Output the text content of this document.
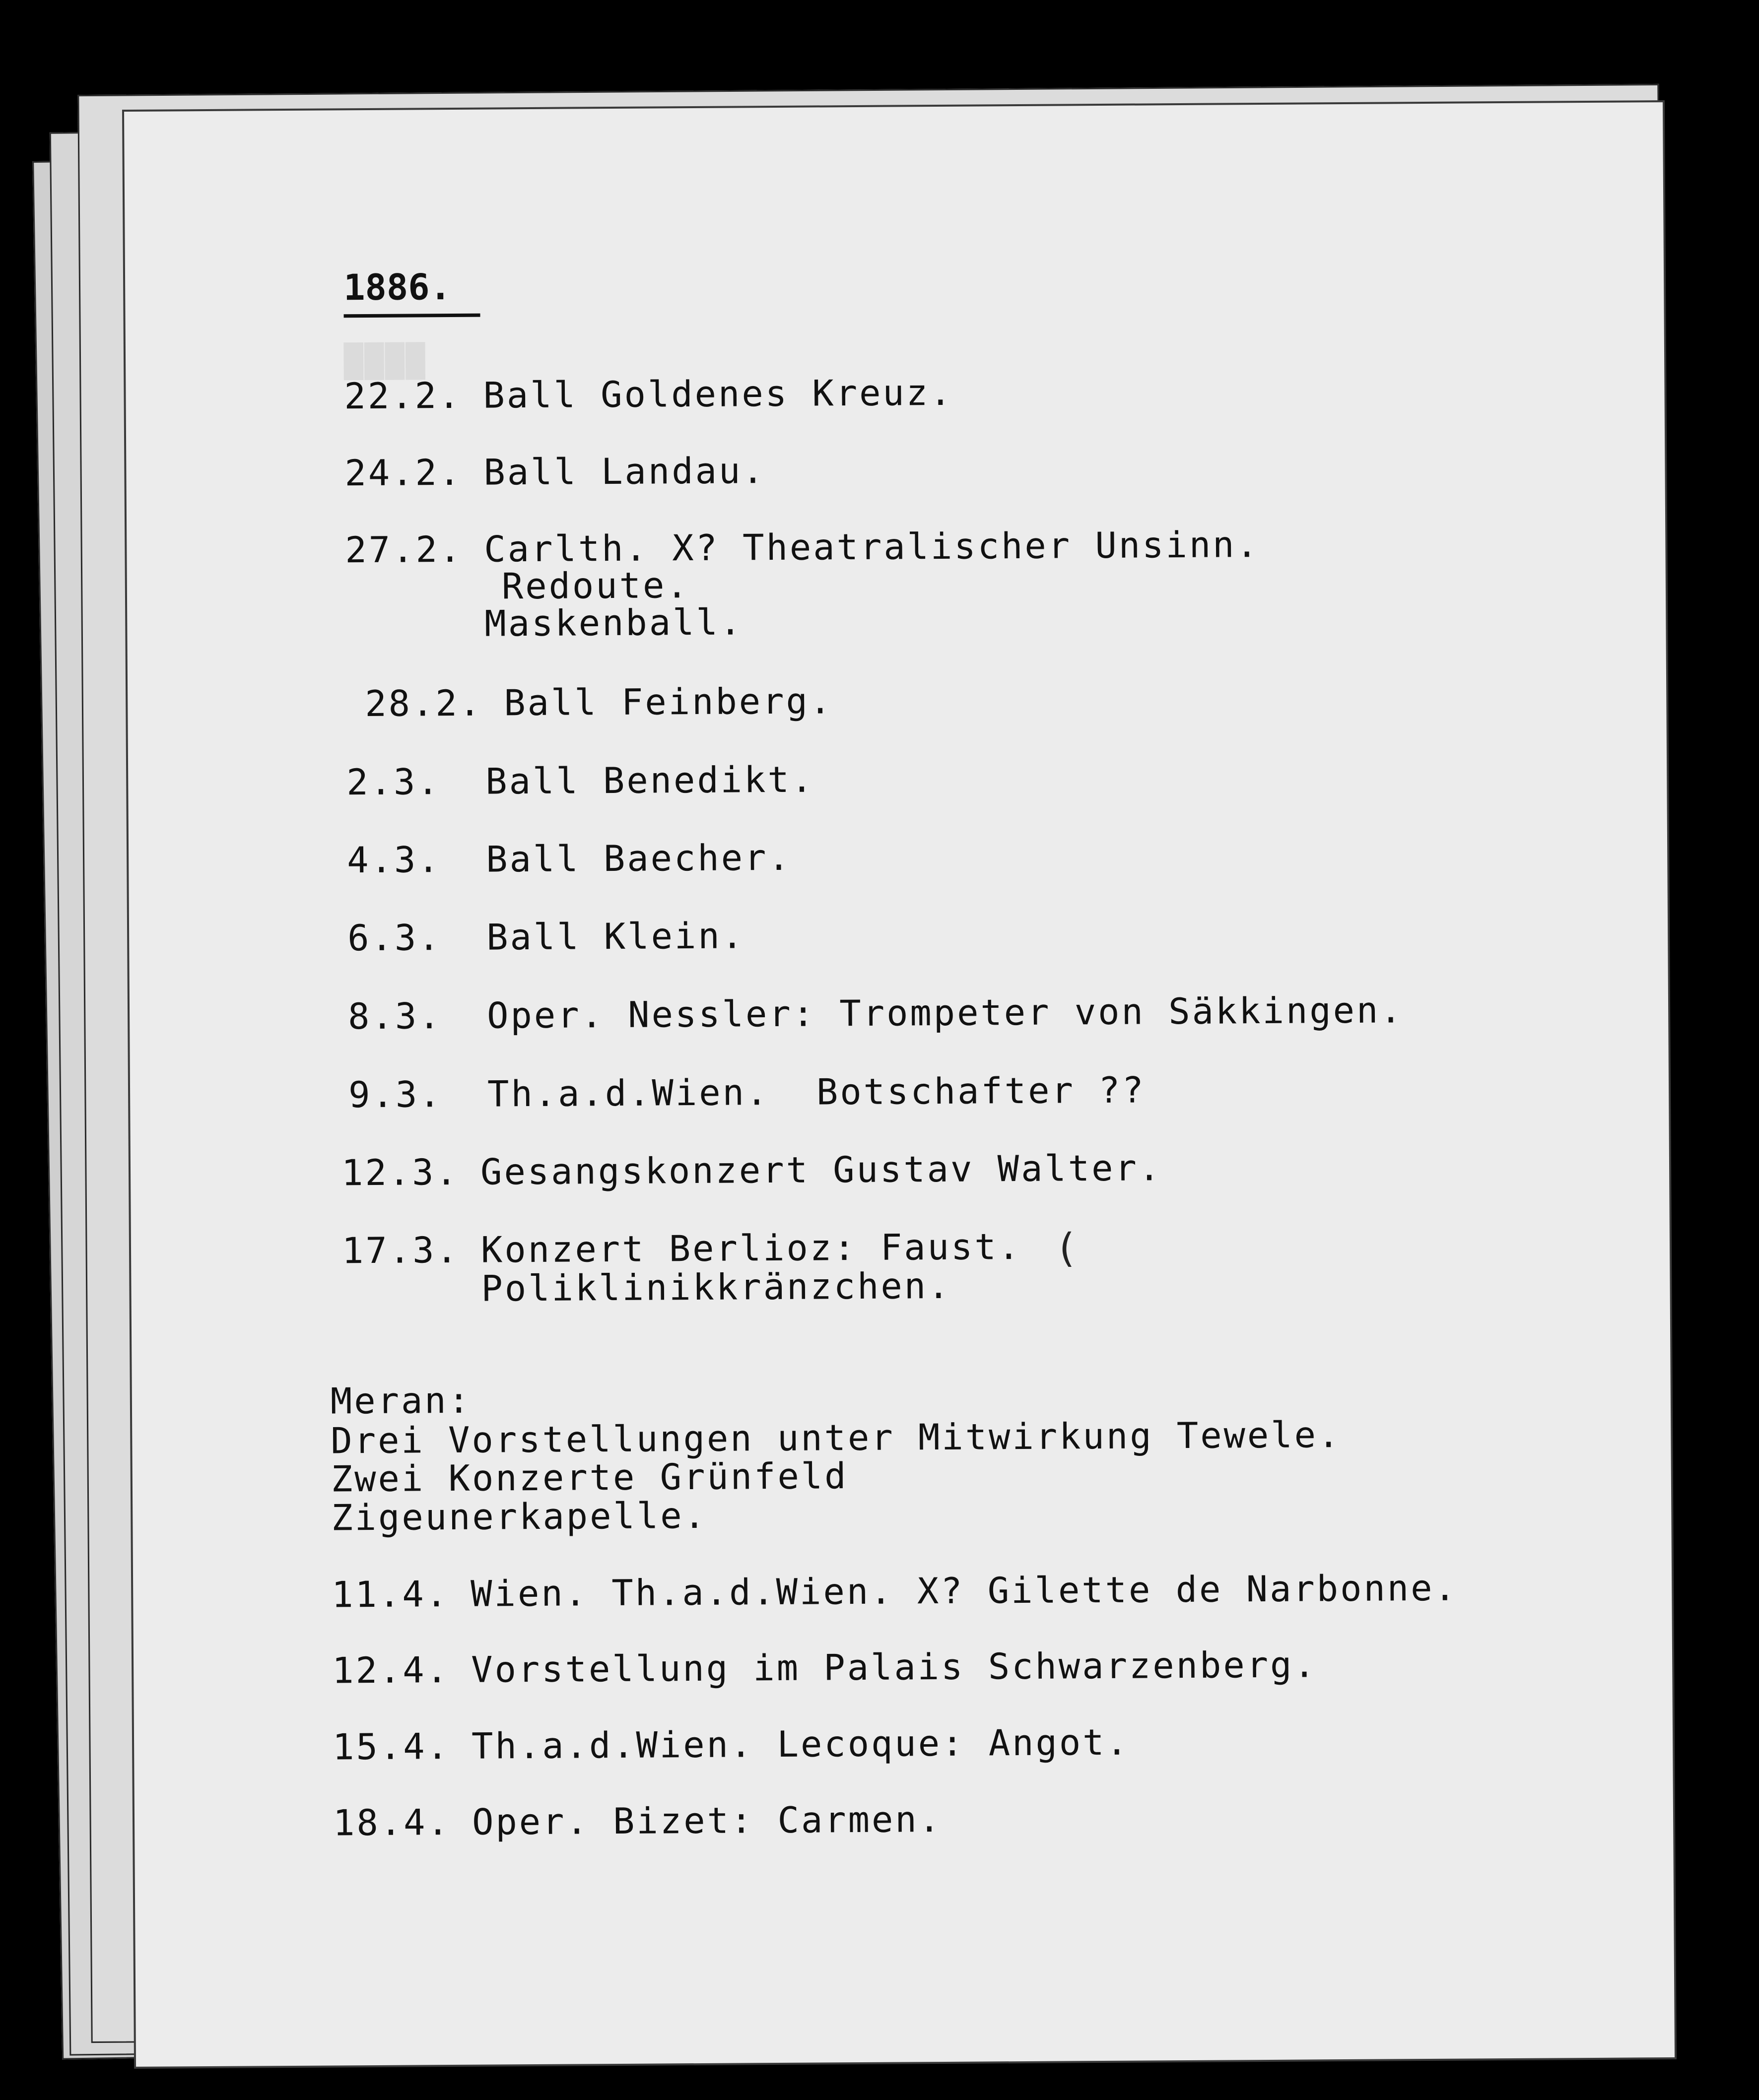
████
1886.
22.2. Ball Goldenes Kreuz.
24.2. Ball Landau.
27.2. Carlth. X? Theatralischer Unsinn.
Redoute.
Maskenball.
28.2. Ball Feinberg.
2.3. Ball Benedikt.
4.3. Ball Baecher.
6.3. Ball Klein.
8.3. Oper. Nessler: Trompeter von Säkkingen.
9.3. Th.a.d.Wien.  Botschafter ??
12.3. Gesangskonzert Gustav Walter.
17.3. Konzert Berlioz: Faust.
Poliklinikkränzchen.
(
Meran:
Drei Vorstellungen unter Mitwirkung Tewele.
Zwei Konzerte Grünfeld
Zigeunerkapelle.
11.4. Wien. Th.a.d.Wien. X? Gilette de Narbonne.
12.4. Vorstellung im Palais Schwarzenberg.
15.4. Th.a.d.Wien. Lecoque: Angot.
18.4. Oper. Bizet: Carmen.
